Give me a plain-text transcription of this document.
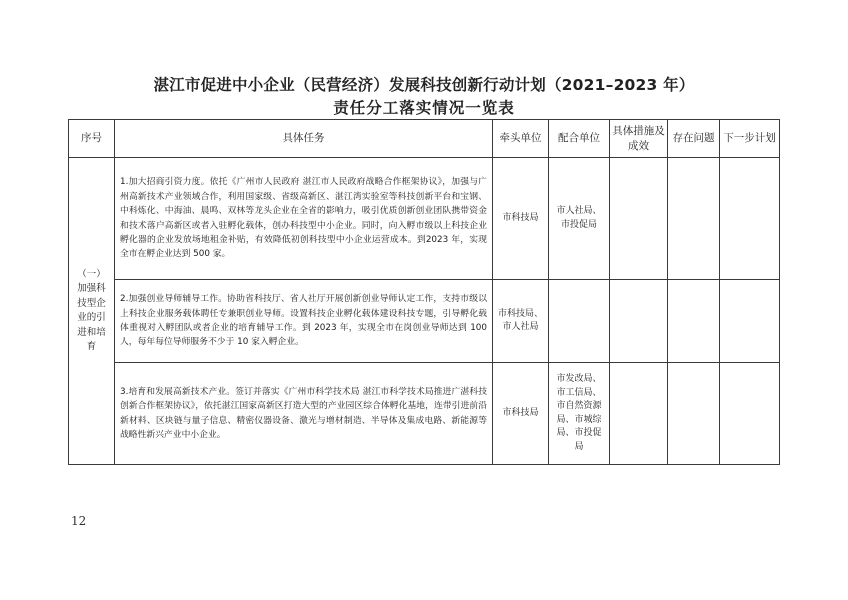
湛江市促进中小企业（民营经济）发展科技创新行动计划（2021–2023 年）
责任分工落实情况一览表
序号	具体任务	牵头单位	配合单位	具体措施及成效	存在问题	下一步计划
（一）加强科技型企业的引进和培育	1.加大招商引资力度。依托《广州市人民政府 湛江市人民政府战略合作框架协议》，加强与广州高新技术产业领域合作，利用国家级、省级高新区、湛江湾实验室等科技创新平台和宝钢、中科炼化、中海油、晨鸣、双林等龙头企业在全省的影响力，吸引优质创新创业团队携带资金和技术落户高新区或者入驻孵化载体，创办科技型中小企业。同时，向入孵市级以上科技企业孵化器的企业发放场地租金补贴，有效降低初创科技型中小企业运营成本。到2023 年，实现全市在孵企业达到 500 家。	市科技局	市人社局、市投促局			
	2.加强创业导师辅导工作。协助省科技厅、省人社厅开展创新创业导师认定工作，支持市级以上科技企业服务载体聘任专兼职创业导师。设置科技企业孵化载体建设科技专题，引导孵化载体重视对入孵团队或者企业的培育辅导工作。到 2023 年，实现全市在岗创业导师达到 100 人，每年每位导师服务不少于 10 家入孵企业。	市科技局、市人社局				
	3.培育和发展高新技术产业。签订并落实《广州市科学技术局 湛江市科学技术局推进广湛科技创新合作框架协议》，依托湛江国家高新区打造大型的产业园区综合体孵化基地，连带引进前沿新材料、区块链与量子信息、精密仪器设备、激光与增材制造、半导体及集成电路、新能源等战略性新兴产业中小企业。	市科技局	市发改局、市工信局、市自然资源局、市城综局、市投促局			
12
